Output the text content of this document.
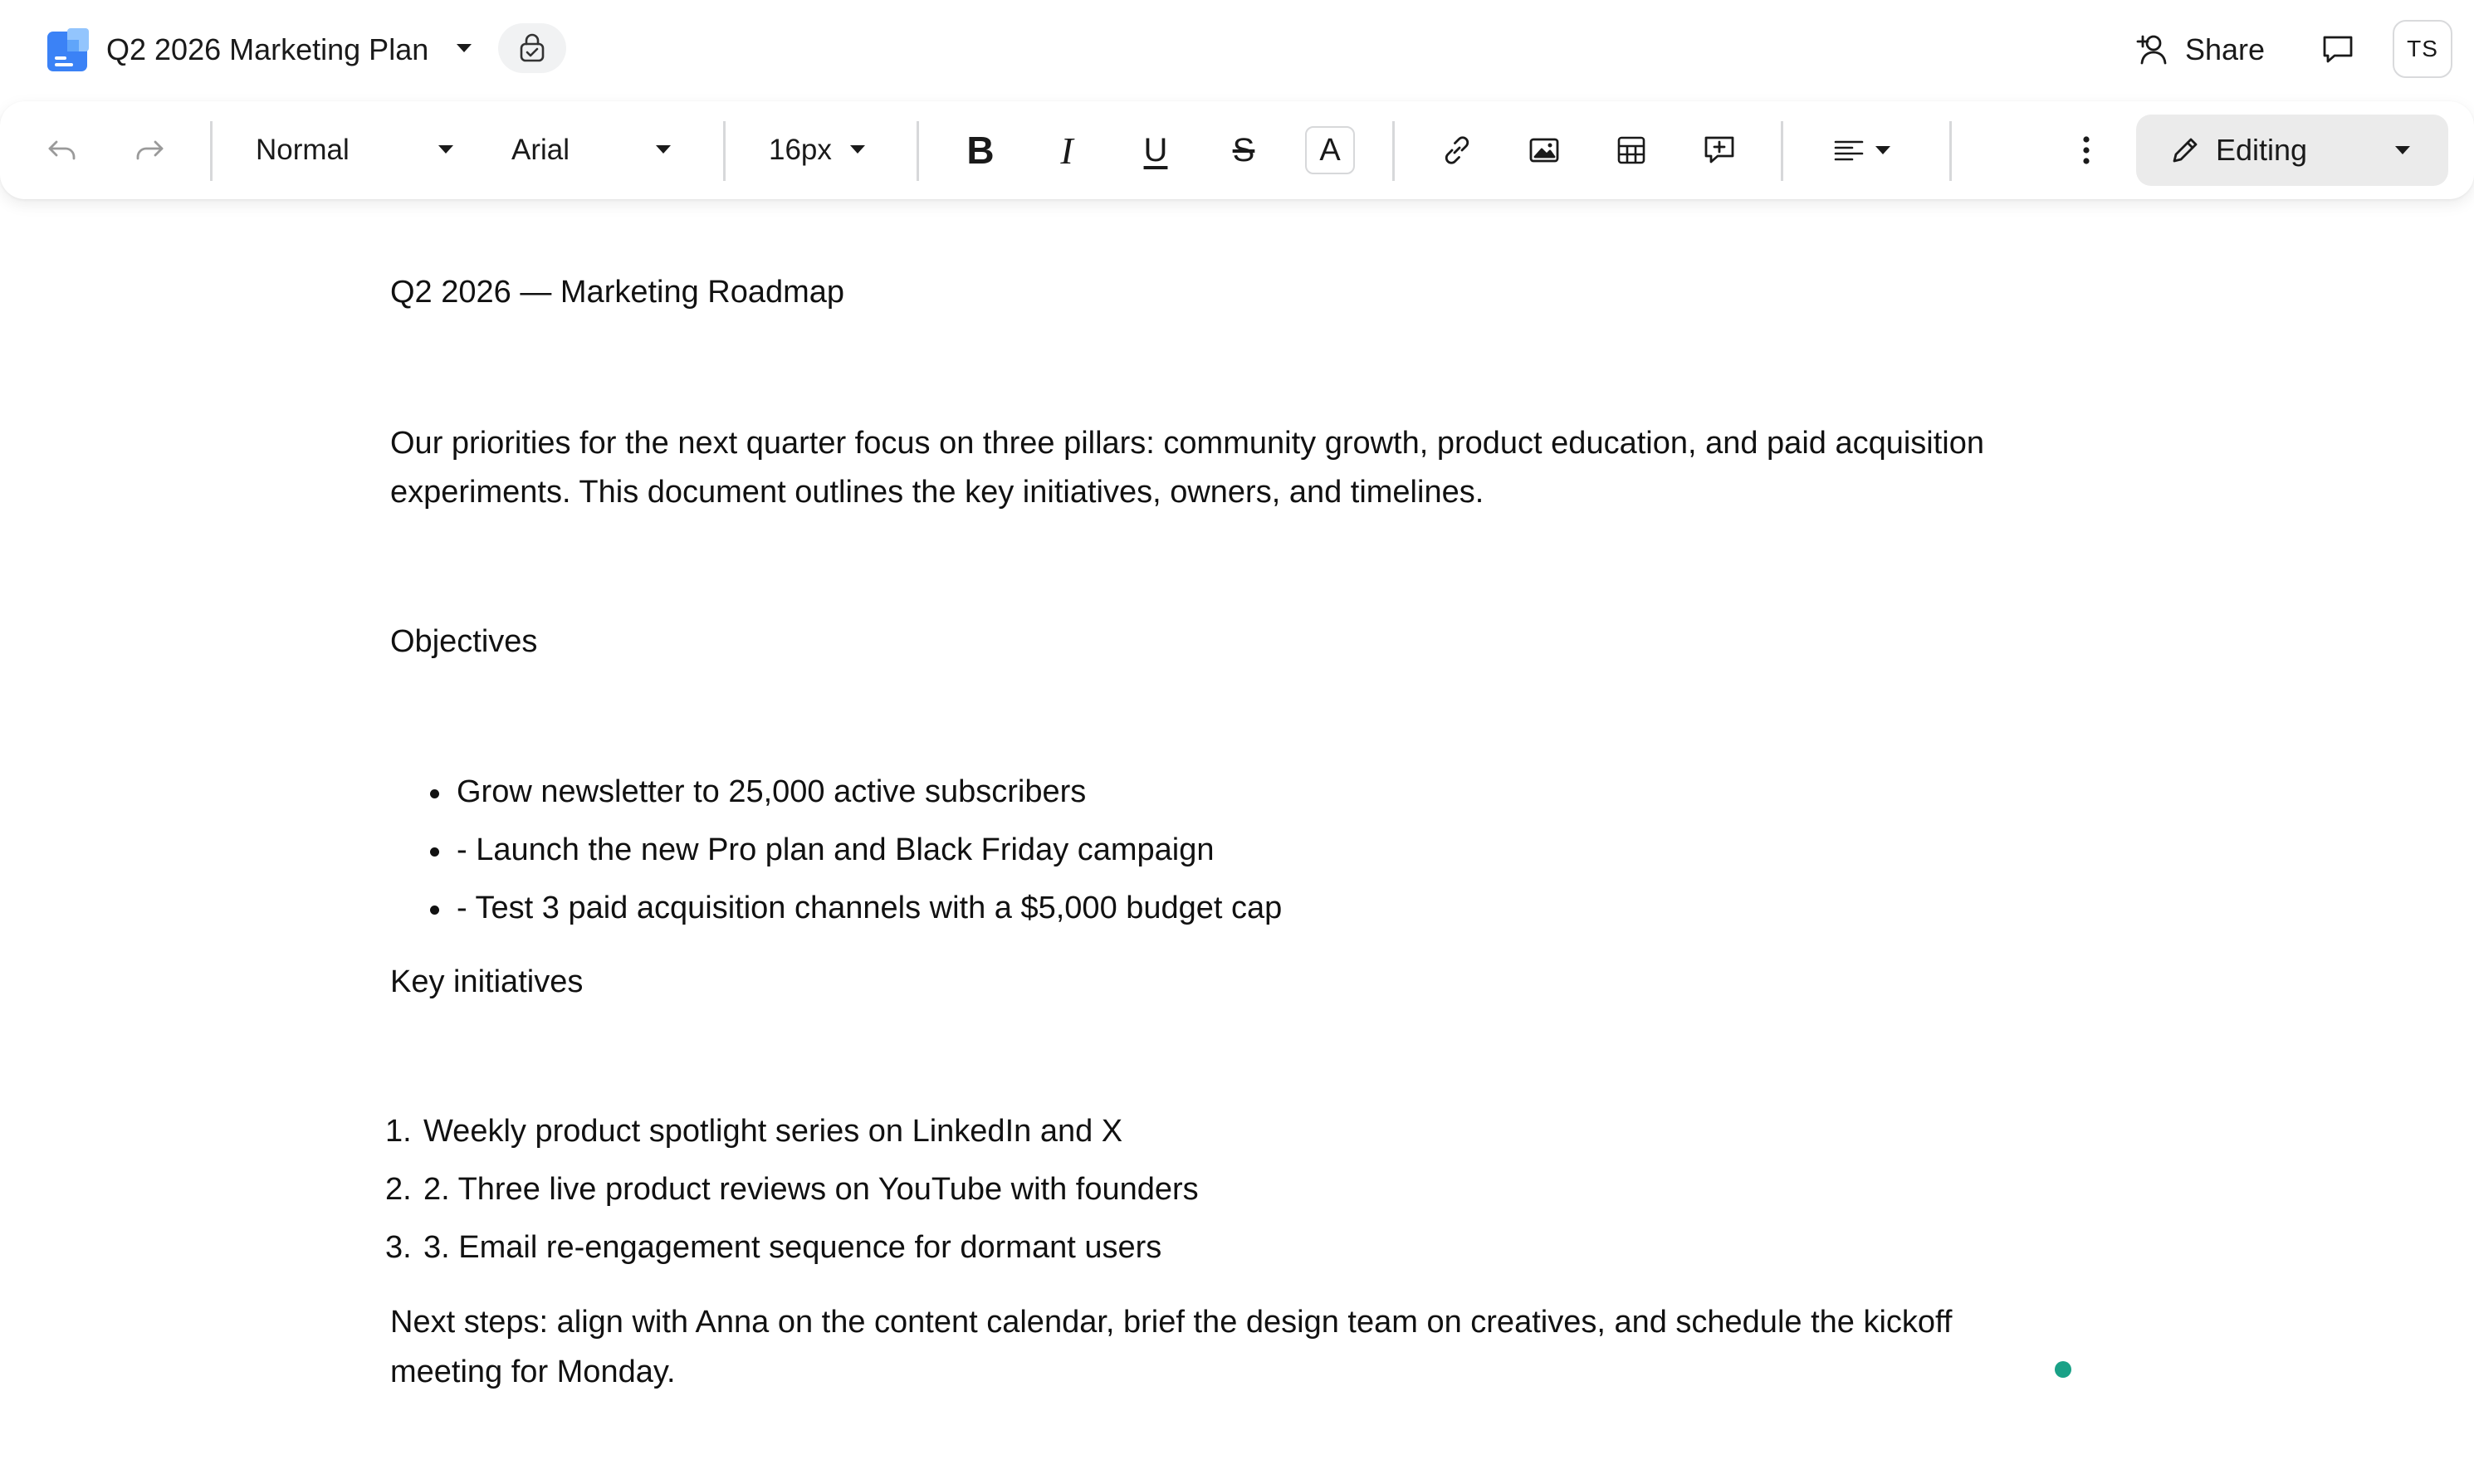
Q2 2026 Marketing Plan	Share	TS
Normal	Arial	16px	B I U S A	Editing

Q2 2026 — Marketing Roadmap

Our priorities for the next quarter focus on three pillars: community growth, product education, and paid acquisition

experiments. This document outlines the key initiatives, owners, and timelines.

Objectives

Grow newsletter to 25,000 active subscribers
- Launch the new Pro plan and Black Friday campaign
- Test 3 paid acquisition channels with a $5,000 budget cap

Key initiatives

1. Weekly product spotlight series on LinkedIn and X
2. 2. Three live product reviews on YouTube with founders
3. 3. Email re-engagement sequence for dormant users

Next steps: align with Anna on the content calendar, brief the design team on creatives, and schedule the kickoff

meeting for Monday.
